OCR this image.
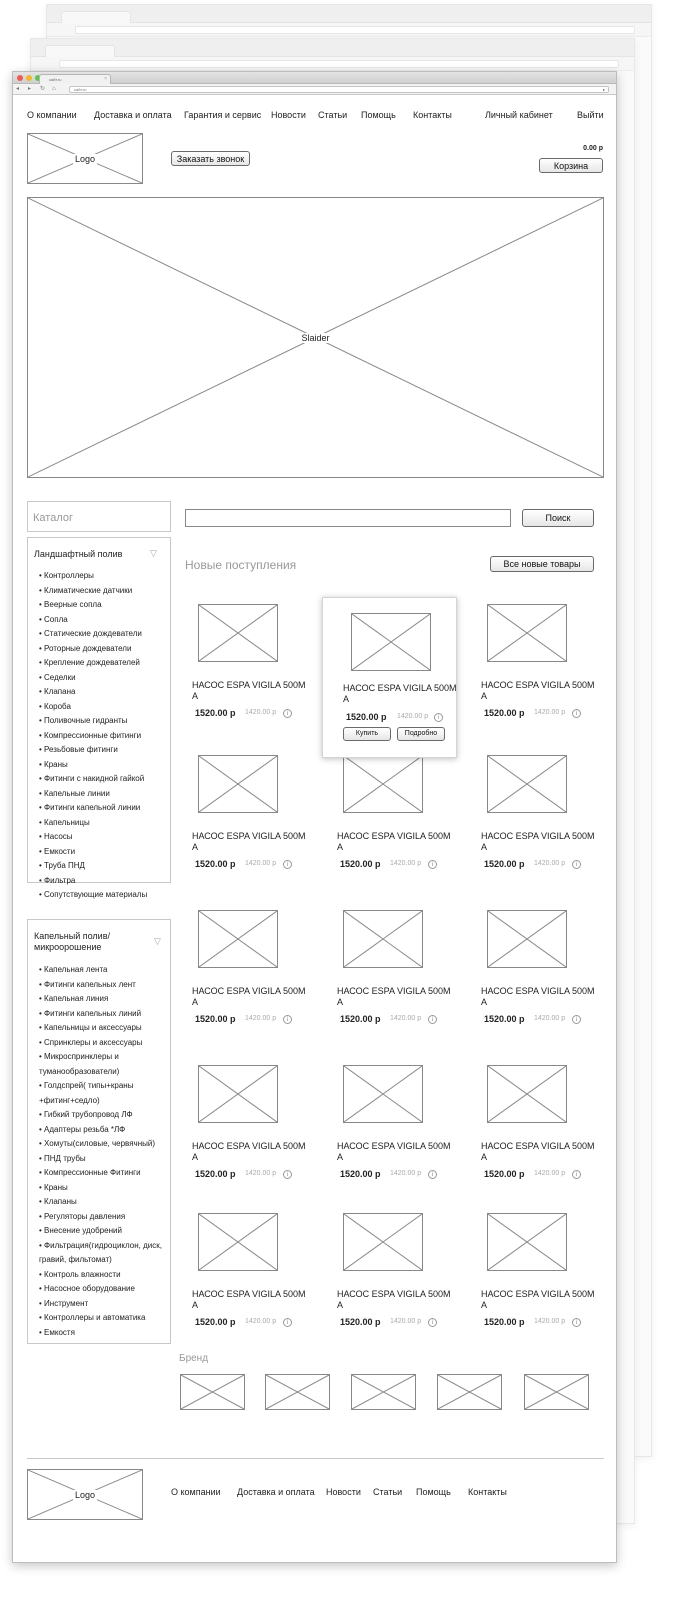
сайт.ru	×
◂ ▸ ↻ ⌂	сайт.ru	▸
О компании Доставка и оплата Гарантия и сервис Новости Статьи Помощь Контакты	Личный кабинет	Выйти
Logo	Заказать звонок
0.00 р
Корзина
Slaider
Каталог
Ландшафтный полив	▽
• Контроллеры
• Климатические датчики
• Веерные сопла
• Сопла
• Статические дождеватели
• Роторные дождеватели
• Крепление дождевателей
• Седелки
• Клапана
• Короба
• Поливочные гидранты
• Компрессионные фитинги
• Резьбовые фитинги
• Краны
• Фитинги с накидной гайкой
• Капельные линии
• Фитинги капельной линии
• Капельницы
• Насосы
• Емкости
• Труба ПНД
• Фильтра
• Сопутствующие материалы
Капельный полив/ микроорошение
▽
• Капельная лента
• Фитинги капельных лент
• Капельная линия
• Фитинги капельных линий
• Капельницы и аксессуары
• Спринклеры и аксессуары
• Микроспринклеры и туманообразователи)
• Голдспрей( типы+краны +фитинг+седло)
• Гибкий трубопровод ЛФ
• Адаптеры резьба *ЛФ
• Хомуты(силовые, червячный)
• ПНД трубы
• Компрессионные Фитинги
• Краны
• Клапаны
• Регуляторы давления
• Внесение удобрений
• Фильтрация(гидроциклон, диск, гравий, фильтомат)
• Контроль влажности
• Насосное оборудование
• Инструмент
• Контроллеры и автоматика
• Емкостя
Поиск
Новые поступления	Все новые товары
НАСОС ESPA VIGILA 500M A
1520.00 р 1420.00 р	i
НАСОС ESPA VIGILA 500M A
1520.00 р 1420.00 р	i
НАСОС ESPA VIGILA 500M A
1520.00 р 1420.00 р	i
НАСОС ESPA VIGILA 500M A
1520.00 р 1420.00 р	i
НАСОС ESPA VIGILA 500M A
1520.00 р 1420.00 р	i
НАСОС ESPA VIGILA 500M A
1520.00 р 1420.00 р	i
НАСОС ESPA VIGILA 500M A
1520.00 р 1420.00 р	i
НАСОС ESPA VIGILA 500M A
1520.00 р 1420.00 р	i
НАСОС ESPA VIGILA 500M A
1520.00 р 1420.00 р	i
НАСОС ESPA VIGILA 500M A
1520.00 р 1420.00 р	i
НАСОС ESPA VIGILA 500M A
1520.00 р 1420.00 р	i
НАСОС ESPA VIGILA 500M A
1520.00 р 1420.00 р	i
НАСОС ESPA VIGILA 500M A
1520.00 р 1420.00 р	i
НАСОС ESPA VIGILA 500M A
1520.00 р 1420.00 р	i
НАСОС ESPA VIGILA 500M A
1520.00 р 1420.00 р	i
Купить	Подробно
Бренд
Logo	О компании Доставка и оплата Новости Статьи Помощь Контакты
